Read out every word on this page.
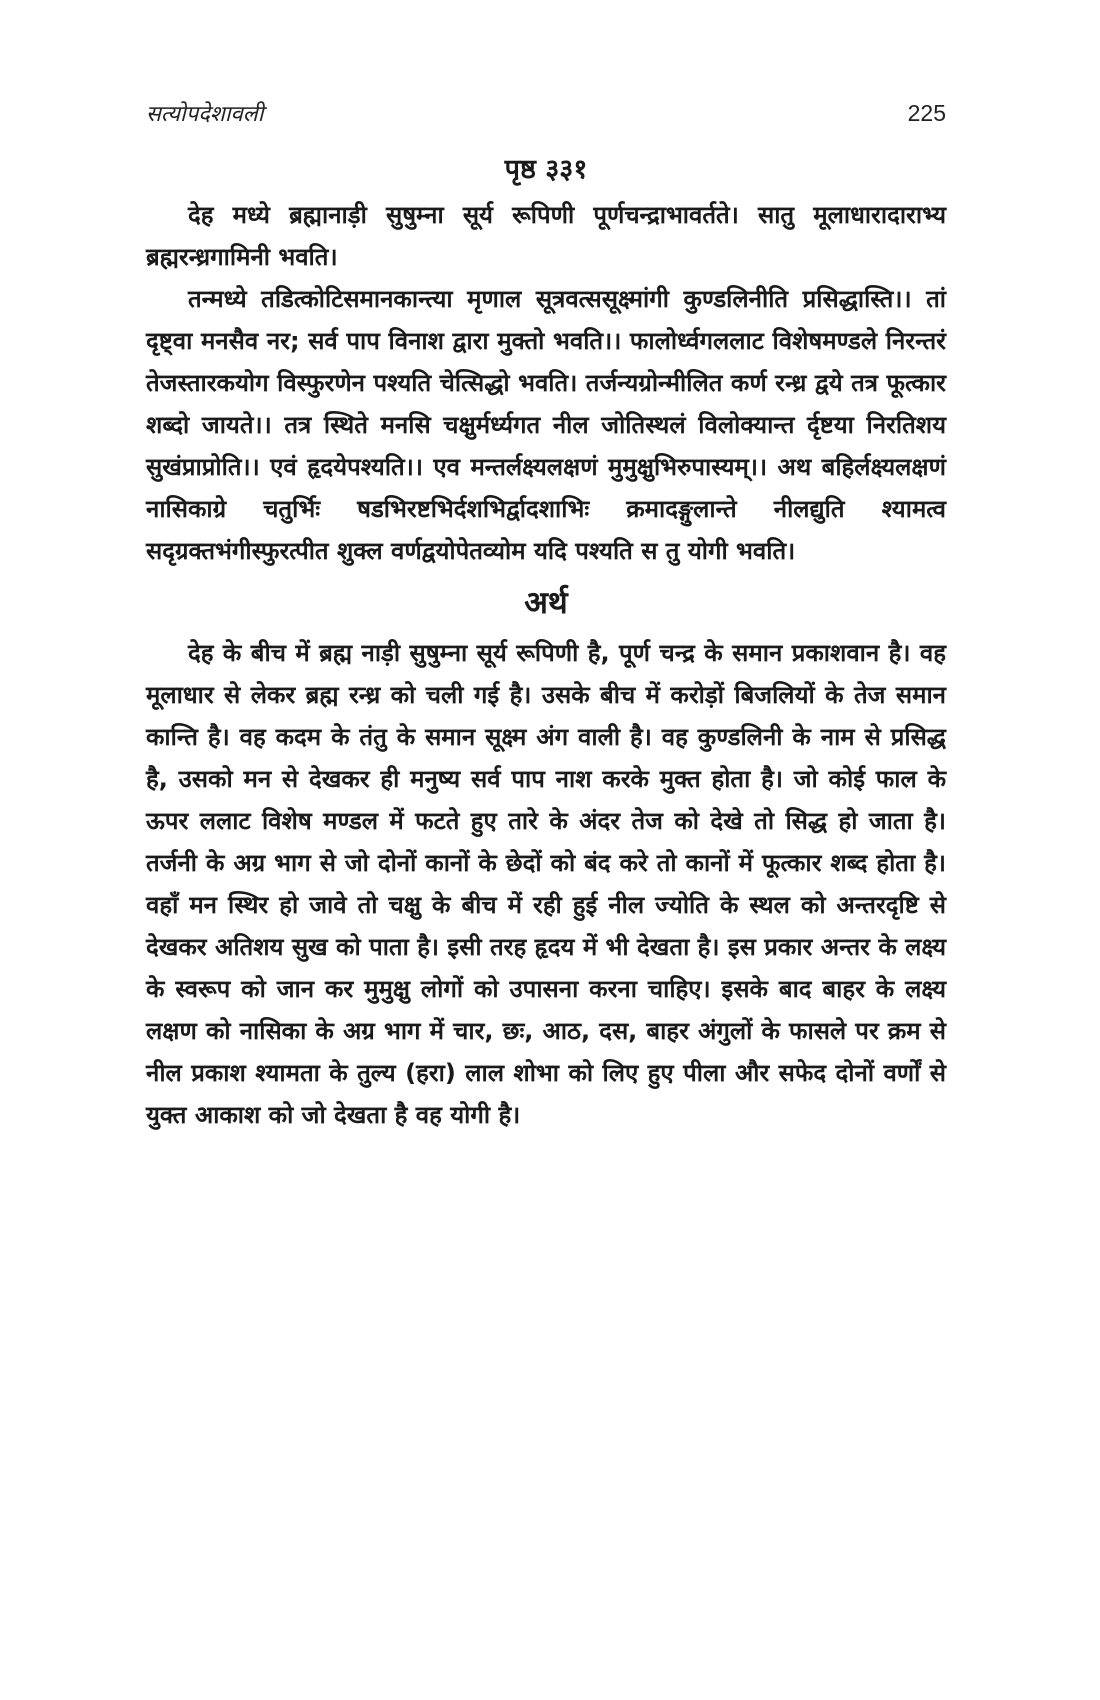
सत्योपदेशावली	225
पृष्ठ ३३१

देह मध्ये ब्रह्मानाड़ी सुषुम्ना सूर्य रूपिणी पूर्णचन्द्राभावर्तते। सातु मूलाधारादाराभ्य ब्रह्मरन्ध्रगामिनी भवति।

तन्मध्ये तडित्कोटिसमानकान्त्या मृणाल सूत्रवत्ससूक्ष्मांगी कुण्डलिनीति प्रसिद्धास्ति।। तां दृष्ट्वा मनसैव नर; सर्व पाप विनाश द्वारा मुक्तो भवति।। फालोर्ध्वगललाट विशेषमण्डले निरन्तरं तेजस्तारकयोग विस्फुरणेन पश्यति चेत्सिद्धो भवति। तर्जन्यग्रोन्मीलित कर्ण रन्ध्र द्वये तत्र फूत्कार शब्दो जायते।। तत्र स्थिते मनसि चक्षुर्मर्ध्यगत नील जोतिस्थलं विलोक्यान्त र्दृष्टया निरतिशय सुखंप्राप्रोति।। एवं हृदयेपश्यति।। एव मन्तर्लक्ष्यलक्षणं मुमुक्षुभिरुपास्यम्।। अथ बहिर्लक्ष्यलक्षणं नासिकाग्रे चतुर्भिः षडभिरष्टभिर्दशभिर्द्वादशाभिः क्रमादङ्गुलान्ते नीलद्युति श्यामत्व सदृग्रक्तभंगीस्फुरत्पीत शुक्ल वर्णद्वयोपेतव्योम यदि पश्यति स तु योगी भवति।

अर्थ

देह के बीच में ब्रह्म नाड़ी सुषुम्ना सूर्य रूपिणी है, पूर्ण चन्द्र के समान प्रकाशवान है। वह मूलाधार से लेकर ब्रह्म रन्ध्र को चली गई है। उसके बीच में करोड़ों बिजलियों के तेज समान कान्ति है। वह कदम के तंतु के समान सूक्ष्म अंग वाली है। वह कुण्डलिनी के नाम से प्रसिद्ध है, उसको मन से देखकर ही मनुष्य सर्व पाप नाश करके मुक्त होता है। जो कोई फाल के ऊपर ललाट विशेष मण्डल में फटते हुए तारे के अंदर तेज को देखे तो सिद्ध हो जाता है। तर्जनी के अग्र भाग से जो दोनों कानों के छेदों को बंद करे तो कानों में फूत्कार शब्द होता है। वहाँ मन स्थिर हो जावे तो चक्षु के बीच में रही हुई नील ज्योति के स्थल को अन्तरदृष्टि से देखकर अतिशय सुख को पाता है। इसी तरह हृदय में भी देखता है। इस प्रकार अन्तर के लक्ष्य के स्वरूप को जान कर मुमुक्षु लोगों को उपासना करना चाहिए। इसके बाद बाहर के लक्ष्य लक्षण को नासिका के अग्र भाग में चार, छः, आठ, दस, बाहर अंगुलों के फासले पर क्रम से नील प्रकाश श्यामता के तुल्य (हरा) लाल शोभा को लिए हुए पीला और सफेद दोनों वर्णों से युक्त आकाश को जो देखता है वह योगी है।
